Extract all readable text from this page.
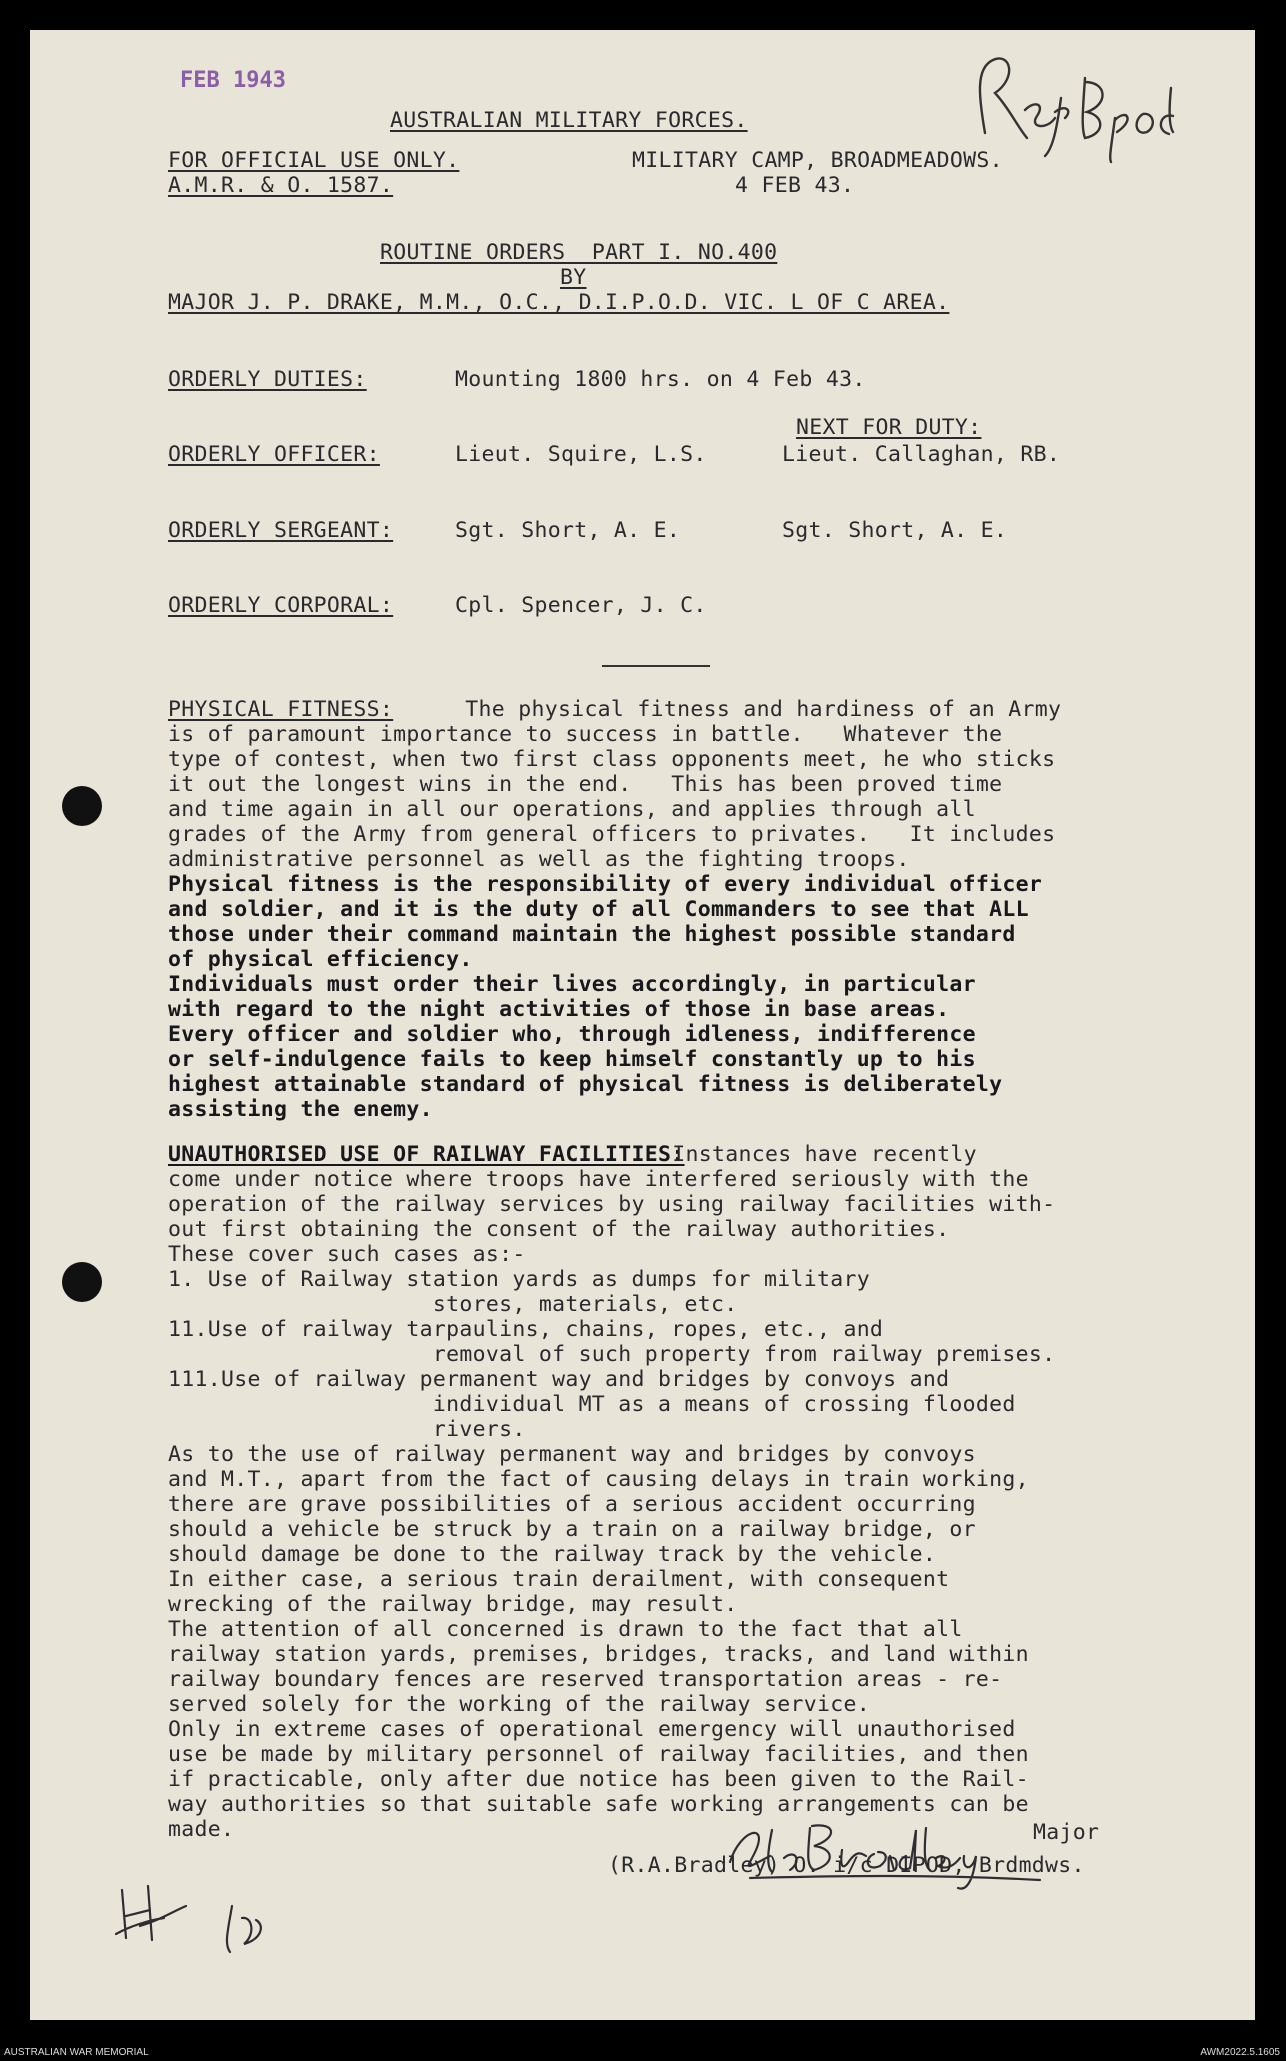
FEB 1943
AUSTRALIAN MILITARY FORCES.
FOR OFFICIAL USE ONLY.
A.M.R. & O. 1587.
MILITARY CAMP, BROADMEADOWS.
4 FEB 43.
ROUTINE ORDERS  PART I. NO.400
BY
MAJOR J. P. DRAKE, M.M., O.C., D.I.P.O.D. VIC. L OF C AREA.
ORDERLY DUTIES:	Mounting 1800 hrs. on 4 Feb 43.
NEXT FOR DUTY:
ORDERLY OFFICER:	Lieut. Squire, L.S.	Lieut. Callaghan, RB.
ORDERLY SERGEANT:	Sgt. Short, A. E.	Sgt. Short, A. E.
ORDERLY CORPORAL:	Cpl. Spencer, J. C.
PHYSICAL FITNESS:	The physical fitness and hardiness of an Army
is of paramount importance to success in battle.   Whatever the
type of contest, when two first class opponents meet, he who sticks
it out the longest wins in the end.   This has been proved time
and time again in all our operations, and applies through all
grades of the Army from general officers to privates.   It includes
administrative personnel as well as the fighting troops.
Physical fitness is the responsibility of every individual officer
and soldier, and it is the duty of all Commanders to see that ALL
those under their command maintain the highest possible standard
of physical efficiency.
Individuals must order their lives accordingly, in particular
with regard to the night activities of those in base areas.
Every officer and soldier who, through idleness, indifference
or self-indulgence fails to keep himself constantly up to his
highest attainable standard of physical fitness is deliberately
assisting the enemy.
UNAUTHORISED USE OF RAILWAY FACILITIES:
Instances have recently
come under notice where troops have interfered seriously with the
operation of the railway services by using railway facilities with-
out first obtaining the consent of the railway authorities.
These cover such cases as:-
1. Use of Railway station yards as dumps for military
stores, materials, etc.
11.Use of railway tarpaulins, chains, ropes, etc., and
removal of such property from railway premises.
111.Use of railway permanent way and bridges by convoys and
individual MT as a means of crossing flooded
rivers.
As to the use of railway permanent way and bridges by convoys
and M.T., apart from the fact of causing delays in train working,
there are grave possibilities of a serious accident occurring
should a vehicle be struck by a train on a railway bridge, or
should damage be done to the railway track by the vehicle.
In either case, a serious train derailment, with consequent
wrecking of the railway bridge, may result.
The attention of all concerned is drawn to the fact that all
railway station yards, premises, bridges, tracks, and land within
railway boundary fences are reserved transportation areas - re-
served solely for the working of the railway service.
Only in extreme cases of operational emergency will unauthorised
use be made by military personnel of railway facilities, and then
if practicable, only after due notice has been given to the Rail-
way authorities so that suitable safe working arrangements can be
made.	Major
(R.A.Bradley) O. i/c DIPOD, Brdmdws.
AUSTRALIAN WAR MEMORIAL	AWM2022.5.1605
